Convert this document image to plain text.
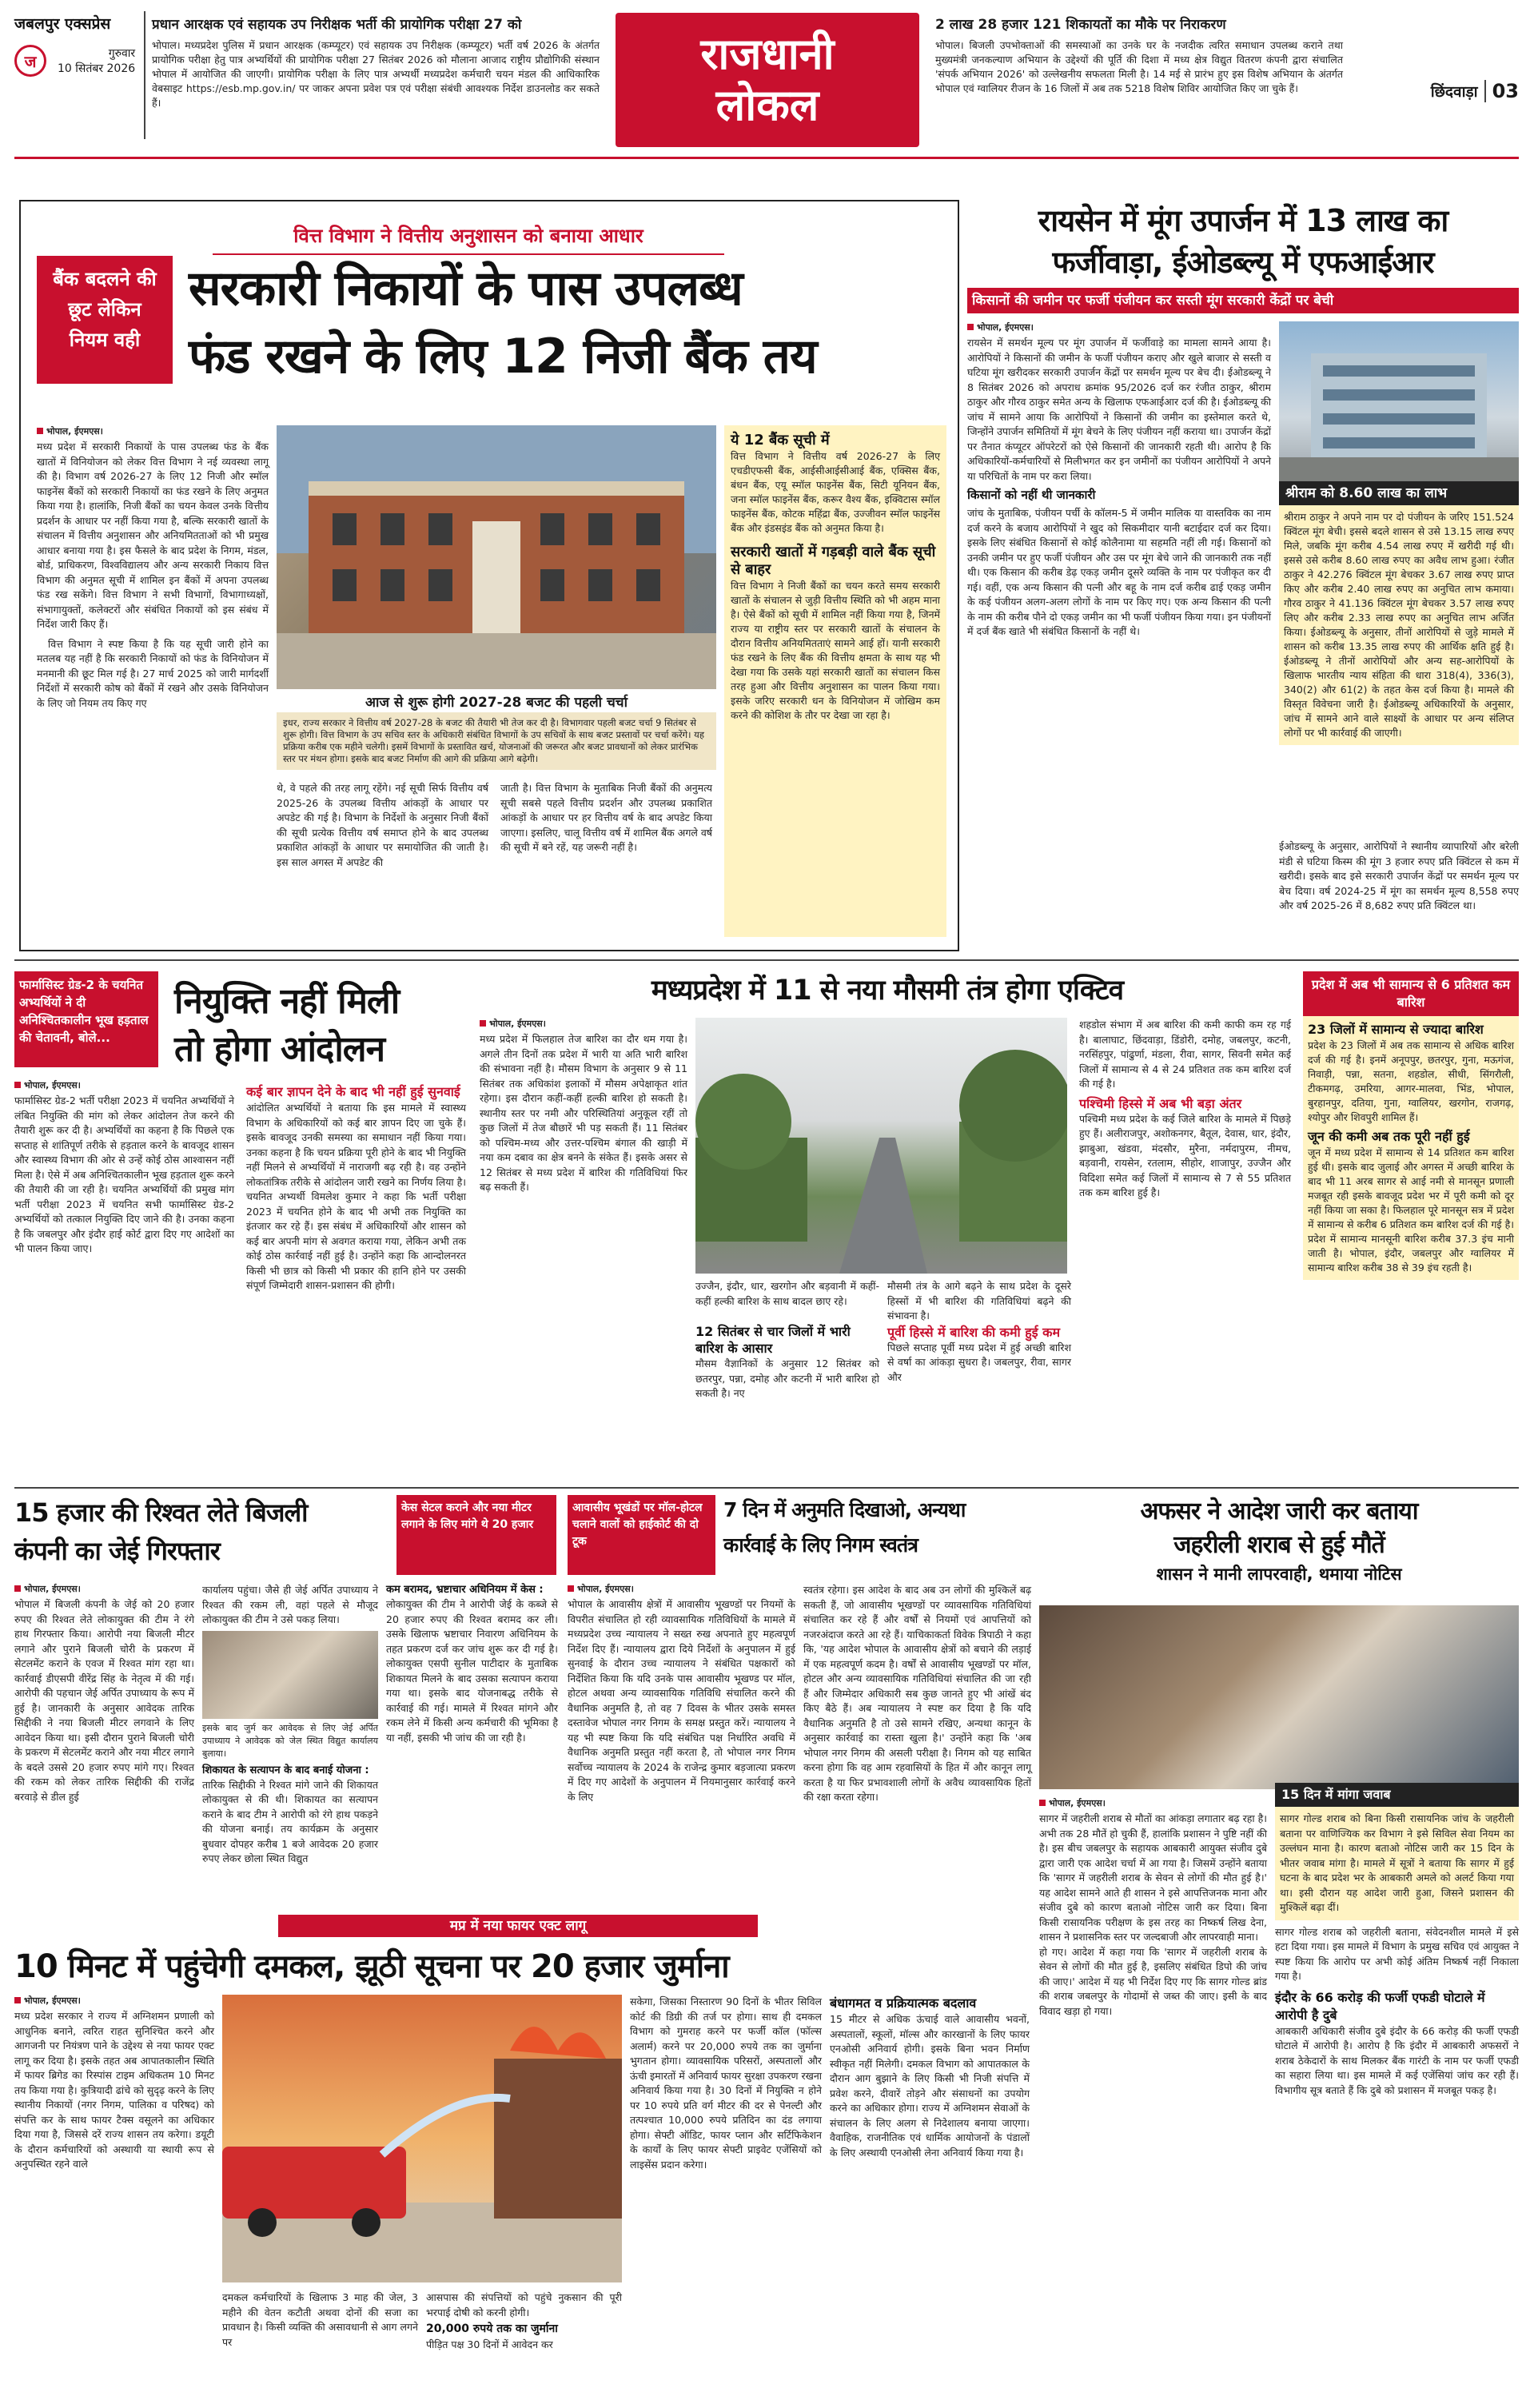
जबलपुर एक्सप्रेस
ज	गुरुवार
10 सितंबर 2026
प्रधान आरक्षक एवं सहायक उप निरीक्षक भर्ती की प्रायोगिक परीक्षा 27 को
भोपाल। मध्यप्रदेश पुलिस में प्रधान आरक्षक (कम्प्यूटर) एवं सहायक उप निरीक्षक (कम्प्यूटर) भर्ती वर्ष 2026 के अंतर्गत प्रायोगिक परीक्षा हेतु पात्र अभ्यर्थियों की प्रायोगिक परीक्षा 27 सितंबर 2026 को मौलाना आजाद राष्ट्रीय प्रौद्योगिकी संस्थान भोपाल में आयोजित की जाएगी। प्रायोगिक परीक्षा के लिए पात्र अभ्यर्थी मध्यप्रदेश कर्मचारी चयन मंडल की आधिकारिक वेबसाइट https://esb.mp.gov.in/ पर जाकर अपना प्रवेश पत्र एवं परीक्षा संबंधी आवश्यक निर्देश डाउनलोड कर सकते हैं।
राजधानी
लोकल
2 लाख 28 हजार 121 शिकायतों का मौके पर निराकरण
भोपाल। बिजली उपभोक्ताओं की समस्याओं का उनके घर के नजदीक त्वरित समाधान उपलब्ध कराने तथा मुख्यमंत्री जनकल्याण अभियान के उद्देश्यों की पूर्ति की दिशा में मध्य क्षेत्र विद्युत वितरण कंपनी द्वारा संचालित 'संपर्क अभियान 2026' को उल्लेखनीय सफलता मिली है। 14 मई से प्रारंभ हुए इस विशेष अभियान के अंतर्गत भोपाल एवं ग्वालियर रीजन के 16 जिलों में अब तक 5218 विशेष शिविर आयोजित किए जा चुके हैं।	छिंदवाड़ा 03
वित्त विभाग ने वित्तीय अनुशासन को बनाया आधार
सरकारी निकायों के पास उपलब्ध
फंड रखने के लिए 12 निजी बैंक तय
बैंक बदलने की छूट लेकिन नियम वही
भोपाल, ईएमएस।
मध्य प्रदेश में सरकारी निकायों के पास उपलब्ध फंड के बैंक खातों में विनियोजन को लेकर वित्त विभाग ने नई व्यवस्था लागू की है। विभाग वर्ष 2026-27 के लिए 12 निजी और स्मॉल फाइनेंस बैंकों को सरकारी निकायों का फंड रखने के लिए अनुमत किया गया है। हालांकि, निजी बैंकों का चयन केवल उनके वित्तीय प्रदर्शन के आधार पर नहीं किया गया है, बल्कि सरकारी खातों के संचालन में वित्तीय अनुशासन और अनियमितताओं को भी प्रमुख आधार बनाया गया है। इस फैसले के बाद प्रदेश के निगम, मंडल, बोर्ड, प्राधिकरण, विश्वविद्यालय और अन्य सरकारी निकाय वित्त विभाग की अनुमत सूची में शामिल इन बैंकों में अपना उपलब्ध फंड रख सकेंगे। वित्त विभाग ने सभी विभागों, विभागाध्यक्षों, संभागायुक्तों, कलेक्टरों और संबंधित निकायों को इस संबंध में निर्देश जारी किए हैं।
वित्त विभाग ने स्पष्ट किया है कि यह सूची जारी होने का मतलब यह नहीं है कि सरकारी निकायों को फंड के विनियोजन में मनमानी की छूट मिल गई है। 27 मार्च 2025 को जारी मार्गदर्शी निर्देशों में सरकारी कोष को बैंकों में रखने और उसके विनियोजन के लिए जो नियम तय किए गए	आज से शुरू होगी 2027-28 बजट की पहली चर्चा
इधर, राज्य सरकार ने वित्तीय वर्ष 2027-28 के बजट की तैयारी भी तेज कर दी है। विभागवार पहली बजट चर्चा 9 सितंबर से शुरू होगी। वित्त विभाग के उप सचिव स्तर के अधिकारी संबंधित विभागों के उप सचिवों के साथ बजट प्रस्तावों पर चर्चा करेंगे। यह प्रक्रिया करीब एक महीने चलेगी। इसमें विभागों के प्रस्तावित खर्च, योजनाओं की जरूरत और बजट प्रावधानों को लेकर प्रारंभिक स्तर पर मंथन होगा। इसके बाद बजट निर्माण की आगे की प्रक्रिया आगे बढ़ेगी।
थे, वे पहले की तरह लागू रहेंगे। नई सूची सिर्फ वित्तीय वर्ष 2025-26 के उपलब्ध वित्तीय आंकड़ों के आधार पर अपडेट की गई है। विभाग के निर्देशों के अनुसार निजी बैंकों की सूची प्रत्येक वित्तीय वर्ष समाप्त होने के बाद उपलब्ध प्रकाशित आंकड़ों के आधार पर समायोजित की जाती है। इस साल अगस्त में अपडेट की
जाती है। वित्त विभाग के मुताबिक निजी बैंकों की अनुमत्य सूची सबसे पहले वित्तीय प्रदर्शन और उपलब्ध प्रकाशित आंकड़ों के आधार पर हर वित्तीय वर्ष के बाद अपडेट किया जाएगा। इसलिए, चालू वित्तीय वर्ष में शामिल बैंक अगले वर्ष की सूची में बने रहें, यह जरूरी नहीं है।
ये 12 बैंक सूची में
वित्त विभाग ने वित्तीय वर्ष 2026-27 के लिए एचडीएफसी बैंक, आईसीआईसीआई बैंक, एक्सिस बैंक, बंधन बैंक, एयू स्मॉल फाइनेंस बैंक, सिटी यूनियन बैंक, जना स्मॉल फाइनेंस बैंक, करूर वैश्य बैंक, इक्विटास स्मॉल फाइनेंस बैंक, कोटक महिंद्रा बैंक, उज्जीवन स्मॉल फाइनेंस बैंक और इंडसइंड बैंक को अनुमत किया है।
सरकारी खातों में गड़बड़ी वाले बैंक सूची से बाहर
वित्त विभाग ने निजी बैंकों का चयन करते समय सरकारी खातों के संचालन से जुड़ी वित्तीय स्थिति को भी अहम माना है। ऐसे बैंकों को सूची में शामिल नहीं किया गया है, जिनमें राज्य या राष्ट्रीय स्तर पर सरकारी खातों के संचालन के दौरान वित्तीय अनियमितताएं सामने आई हों। यानी सरकारी फंड रखने के लिए बैंक की वित्तीय क्षमता के साथ यह भी देखा गया कि उसके यहां सरकारी खातों का संचालन किस तरह हुआ और वित्तीय अनुशासन का पालन किया गया। इसके जरिए सरकारी धन के विनियोजन में जोखिम कम करने की कोशिश के तौर पर देखा जा रहा है।
रायसेन में मूंग उपार्जन में 13 लाख का
फर्जीवाड़ा, ईओडब्ल्यू में एफआईआर
किसानों की जमीन पर फर्जी पंजीयन कर सस्ती मूंग सरकारी केंद्रों पर बेची
भोपाल, ईएमएस।
रायसेन में समर्थन मूल्य पर मूंग उपार्जन में फर्जीवाड़े का मामला सामने आया है। आरोपियों ने किसानों की जमीन के फर्जी पंजीयन कराए और खुले बाजार से सस्ती व घटिया मूंग खरीदकर सरकारी उपार्जन केंद्रों पर समर्थन मूल्य पर बेच दी। ईओडब्ल्यू ने 8 सितंबर 2026 को अपराध क्रमांक 95/2026 दर्ज कर रंजीत ठाकुर, श्रीराम ठाकुर और गौरव ठाकुर समेत अन्य के खिलाफ एफआईआर दर्ज की है। ईओडब्ल्यू की जांच में सामने आया कि आरोपियों ने किसानों की जमीन का इस्तेमाल करते थे, जिन्होंने उपार्जन समितियों में मूंग बेचने के लिए पंजीयन नहीं कराया था। उपार्जन केंद्रों पर तैनात कंप्यूटर ऑपरेटरों को ऐसे किसानों की जानकारी रहती थी। आरोप है कि अधिकारियों-कर्मचारियों से मिलीभगत कर इन जमीनों का पंजीयन आरोपियों ने अपने या परिचितों के नाम पर करा लिया।
किसानों को नहीं थी जानकारी
जांच के मुताबिक, पंजीयन पर्ची के कॉलम-5 में जमीन मालिक या वास्तविक का नाम दर्ज करने के बजाय आरोपियों ने खुद को सिकमीदार यानी बटाईदार दर्ज कर दिया। इसके लिए संबंधित किसानों से कोई कोलैनामा या सहमति नहीं ली गई। किसानों को उनकी जमीन पर हुए फर्जी पंजीयन और उस पर मूंग बेचे जाने की जानकारी तक नहीं थी। एक किसान की करीब डेढ़ एकड़ जमीन दूसरे व्यक्ति के नाम पर पंजीकृत कर दी गई। वहीं, एक अन्य किसान की पत्नी और बहू के नाम दर्ज करीब ढाई एकड़ जमीन के कई पंजीयन अलग-अलग लोगों के नाम पर किए गए। एक अन्य किसान की पत्नी के नाम की करीब पौने दो एकड़ जमीन का भी फर्जी पंजीयन किया गया। इन पंजीयनों में दर्ज बैंक खाते भी संबंधित किसानों के नहीं थे।
श्रीराम को 8.60 लाख का लाभ
श्रीराम ठाकुर ने अपने नाम पर दो पंजीयन के जरिए 151.524 क्विंटल मूंग बेची। इससे बदले शासन से उसे 13.15 लाख रुपए मिले, जबकि मूंग करीब 4.54 लाख रुपए में खरीदी गई थी। इससे उसे करीब 8.60 लाख रुपए का अवैध लाभ हुआ। रंजीत ठाकुर ने 42.276 क्विंटल मूंग बेचकर 3.67 लाख रुपए प्राप्त किए और करीब 2.40 लाख रुपए का अनुचित लाभ कमाया। गौरव ठाकुर ने 41.136 क्विंटल मूंग बेचकर 3.57 लाख रुपए लिए और करीब 2.33 लाख रुपए का अनुचित लाभ अर्जित किया। ईओडब्ल्यू के अनुसार, तीनों आरोपियों से जुड़े मामले में शासन को करीब 13.35 लाख रुपए की आर्थिक क्षति हुई है। ईओडब्ल्यू ने तीनों आरोपियों और अन्य सह-आरोपियों के खिलाफ भारतीय न्याय संहिता की धारा 318(4), 336(3), 340(2) और 61(2) के तहत केस दर्ज किया है। मामले की विस्तृत विवेचना जारी है। ईओडब्ल्यू अधिकारियों के अनुसार, जांच में सामने आने वाले साक्ष्यों के आधार पर अन्य संलिप्त लोगों पर भी कार्रवाई की जाएगी।
ईओडब्ल्यू के अनुसार, आरोपियों ने स्थानीय व्यापारियों और बरेली मंडी से घटिया किस्म की मूंग 3 हजार रुपए प्रति क्विंटल से कम में खरीदी। इसके बाद इसे सरकारी उपार्जन केंद्रों पर समर्थन मूल्य पर बेच दिया। वर्ष 2024-25 में मूंग का समर्थन मूल्य 8,558 रुपए और वर्ष 2025-26 में 8,682 रुपए प्रति क्विंटल था।
फार्मासिस्ट ग्रेड-2 के चयनित अभ्यर्थियों ने दी अनिश्चितकालीन भूख हड़ताल की चेतावनी, बोले...
नियुक्ति नहीं मिली
तो होगा आंदोलन
भोपाल, ईएमएस।
फार्मासिस्ट ग्रेड-2 भर्ती परीक्षा 2023 में चयनित अभ्यर्थियों ने लंबित नियुक्ति की मांग को लेकर आंदोलन तेज करने की तैयारी शुरू कर दी है। अभ्यर्थियों का कहना है कि पिछले एक सप्ताह से शांतिपूर्ण तरीके से हड़ताल करने के बावजूद शासन और स्वास्थ्य विभाग की ओर से उन्हें कोई ठोस आश्वासन नहीं मिला है। ऐसे में अब अनिश्चितकालीन भूख हड़ताल शुरू करने की तैयारी की जा रही है। चयनित अभ्यर्थियों की प्रमुख मांग भर्ती परीक्षा 2023 में चयनित सभी फार्मासिस्ट ग्रेड-2 अभ्यर्थियों को तत्काल नियुक्ति दिए जाने की है। उनका कहना है कि जबलपुर और इंदौर हाई कोर्ट द्वारा दिए गए आदेशों का भी पालन किया जाए।
कई बार ज्ञापन देने के बाद भी नहीं हुई सुनवाई
आंदोलित अभ्यर्थियों ने बताया कि इस मामले में स्वास्थ्य विभाग के अधिकारियों को कई बार ज्ञापन दिए जा चुके हैं। इसके बावजूद उनकी समस्या का समाधान नहीं किया गया। उनका कहना है कि चयन प्रक्रिया पूरी होने के बाद भी नियुक्ति नहीं मिलने से अभ्यर्थियों में नाराजगी बढ़ रही है। वह उन्होंने लोकतांत्रिक तरीके से आंदोलन जारी रखने का निर्णय लिया है। चयनित अभ्यर्थी विमलेश कुमार ने कहा कि भर्ती परीक्षा 2023 में चयनित होने के बाद भी अभी तक नियुक्ति का इंतजार कर रहे हैं। इस संबंध में अधिकारियों और शासन को कई बार अपनी मांग से अवगत कराया गया, लेकिन अभी तक कोई ठोस कार्रवाई नहीं हुई है। उन्होंने कहा कि आन्दोलनरत किसी भी छात्र को किसी भी प्रकार की हानि होने पर उसकी संपूर्ण जिम्मेदारी शासन-प्रशासन की होगी।
मध्यप्रदेश में 11 से नया मौसमी तंत्र होगा एक्टिव
भोपाल, ईएमएस।
मध्य प्रदेश में फिलहाल तेज बारिश का दौर थम गया है। अगले तीन दिनों तक प्रदेश में भारी या अति भारी बारिश की संभावना नहीं है। मौसम विभाग के अनुसार 9 से 11 सितंबर तक अधिकांश इलाकों में मौसम अपेक्षाकृत शांत रहेगा। इस दौरान कहीं-कहीं हल्की बारिश हो सकती है। स्थानीय स्तर पर नमी और परिस्थितियां अनुकूल रहीं तो कुछ जिलों में तेज बौछारें भी पड़ सकती हैं। 11 सितंबर को पश्चिम-मध्य और उत्तर-पश्चिम बंगाल की खाड़ी में नया कम दबाव का क्षेत्र बनने के संकेत हैं। इसके असर से 12 सितंबर से मध्य प्रदेश में बारिश की गतिविधियां फिर बढ़ सकती हैं।
उज्जैन, इंदौर, धार, खरगोन और बड़वानी में कहीं-कहीं हल्की बारिश के साथ बादल छाए रहे।
12 सितंबर से चार जिलों में भारी बारिश के आसार
मौसम वैज्ञानिकों के अनुसार 12 सितंबर को छतरपुर, पन्ना, दमोह और कटनी में भारी बारिश हो सकती है। नए
मौसमी तंत्र के आगे बढ़ने के साथ प्रदेश के दूसरे हिस्सों में भी बारिश की गतिविधियां बढ़ने की संभावना है।
पूर्वी हिस्से में बारिश की कमी हुई कम
पिछले सप्ताह पूर्वी मध्य प्रदेश में हुई अच्छी बारिश से वर्षा का आंकड़ा सुधरा है। जबलपुर, रीवा, सागर और
शहडोल संभाग में अब बारिश की कमी काफी कम रह गई है। बालाघाट, छिंदवाड़ा, डिंडोरी, दमोह, जबलपुर, कटनी, नरसिंहपुर, पांढुर्णा, मंडला, रीवा, सागर, सिवनी समेत कई जिलों में सामान्य से 4 से 24 प्रतिशत तक कम बारिश दर्ज की गई है।
पश्चिमी हिस्से में अब भी बड़ा अंतर
पश्चिमी मध्य प्रदेश के कई जिले बारिश के मामले में पिछड़े हुए हैं। अलीराजपुर, अशोकनगर, बैतूल, देवास, धार, इंदौर, झाबुआ, खंडवा, मंदसौर, मुरैना, नर्मदापुरम, नीमच, बड़वानी, रायसेन, रतलाम, सीहोर, शाजापुर, उज्जैन और विदिशा समेत कई जिलों में सामान्य से 7 से 55 प्रतिशत तक कम बारिश हुई है।
प्रदेश में अब भी सामान्य से 6 प्रतिशत कम बारिश
23 जिलों में सामान्य से ज्यादा बारिश
प्रदेश के 23 जिलों में अब तक सामान्य से अधिक बारिश दर्ज की गई है। इनमें अनूपपुर, छतरपुर, गुना, मऊगंज, निवाड़ी, पन्ना, सतना, शहडोल, सीधी, सिंगरौली, टीकमगढ़, उमरिया, आगर-मालवा, भिंड, भोपाल, बुरहानपुर, दतिया, गुना, ग्वालियर, खरगोन, राजगढ़, श्योपुर और शिवपुरी शामिल हैं।
जून की कमी अब तक पूरी नहीं हुई
जून में मध्य प्रदेश में सामान्य से 14 प्रतिशत कम बारिश हुई थी। इसके बाद जुलाई और अगस्त में अच्छी बारिश के बाद भी 11 अरब सागर से आई नमी से मानसून प्रणाली मजबूत रही इसके बावजूद प्रदेश भर में पूरी कमी को दूर नहीं किया जा सका है। फिलहाल पूरे मानसून सत्र में प्रदेश में सामान्य से करीब 6 प्रतिशत कम बारिश दर्ज की गई है। प्रदेश में सामान्य मानसूनी बारिश करीब 37.3 इंच मानी जाती है। भोपाल, इंदौर, जबलपुर और ग्वालियर में सामान्य बारिश करीब 38 से 39 इंच रहती है।
15 हजार की रिश्वत लेते बिजली
कंपनी का जेई गिरफ्तार
केस सेटल कराने और नया मीटर लगाने के लिए मांगे थे 20 हजार
भोपाल, ईएमएस।
भोपाल में बिजली कंपनी के जेई को 20 हजार रुपए की रिश्वत लेते लोकायुक्त की टीम ने रंगे हाथ गिरफ्तार किया। आरोपी नया बिजली मीटर लगाने और पुराने बिजली चोरी के प्रकरण में सेटलमेंट कराने के एवज में रिश्वत मांग रहा था। कार्रवाई डीएसपी वीरेंद्र सिंह के नेतृत्व में की गई। आरोपी की पहचान जेई अर्पित उपाध्याय के रूप में हुई है। जानकारी के अनुसार आवेदक तारिक सिद्दीकी ने नया बिजली मीटर लगवाने के लिए आवेदन किया था। इसी दौरान पुराने बिजली चोरी के प्रकरण में सेटलमेंट कराने और नया मीटर लगाने के बदले उससे 20 हजार रुपए मांगे गए। रिश्वत की रकम को लेकर तारिक सिद्दीकी की राजेंद्र बरवाड़े से डील हुई
कार्यालय पहुंचा। जैसे ही जेई अर्पित उपाध्याय ने रिश्वत की रकम ली, वहां पहले से मौजूद लोकायुक्त की टीम ने उसे पकड़ लिया।
इसके बाद जुर्म कर आवेदक से लिए जेई अर्पित उपाध्याय ने आवेदक को जेल स्थित विद्युत कार्यालय बुलाया।
शिकायत के सत्यापन के बाद बनाई योजना :
तारिक सिद्दीकी ने रिश्वत मांगे जाने की शिकायत लोकायुक्त से की थी। शिकायत का सत्यापन कराने के बाद टीम ने आरोपी को रंगे हाथ पकड़ने की योजना बनाई। तय कार्यक्रम के अनुसार बुधवार दोपहर करीब 1 बजे आवेदक 20 हजार रुपए लेकर छोला स्थित विद्युत
कम बरामद, भ्रष्टाचार अधिनियम में केस :
लोकायुक्त की टीम ने आरोपी जेई के कब्जे से 20 हजार रुपए की रिश्वत बरामद कर ली। उसके खिलाफ भ्रष्टाचार निवारण अधिनियम के तहत प्रकरण दर्ज कर जांच शुरू कर दी गई है। लोकायुक्त एसपी सुनील पाटीदार के मुताबिक शिकायत मिलने के बाद उसका सत्यापन कराया गया था। इसके बाद योजनाबद्ध तरीके से कार्रवाई की गई। मामले में रिश्वत मांगने और रकम लेने में किसी अन्य कर्मचारी की भूमिका है या नहीं, इसकी भी जांच की जा रही है।
आवासीय भूखंडों पर मॉल-होटल चलाने वालों को हाईकोर्ट की दो टूक
7 दिन में अनुमति दिखाओ, अन्यथा
कार्रवाई के लिए निगम स्वतंत्र
भोपाल, ईएमएस।
भोपाल के आवासीय क्षेत्रों में आवासीय भूखण्डों पर नियमों के विपरीत संचालित हो रही व्यावसायिक गतिविधियों के मामले में मध्यप्रदेश उच्च न्यायालय ने सख्त रुख अपनाते हुए महत्वपूर्ण निर्देश दिए हैं। न्यायालय द्वारा दिये निर्देशों के अनुपालन में हुई सुनवाई के दौरान उच्च न्यायालय ने संबंधित पक्षकारों को निर्देशित किया कि यदि उनके पास आवासीय भूखण्ड पर मॉल, होटल अथवा अन्य व्यावसायिक गतिविधि संचालित करने की वैधानिक अनुमति है, तो वह 7 दिवस के भीतर उसके समस्त दस्तावेज भोपाल नगर निगम के समक्ष प्रस्तुत करें। न्यायालय ने यह भी स्पष्ट किया कि यदि संबंधित पक्ष निर्धारित अवधि में वैधानिक अनुमति प्रस्तुत नहीं करता है, तो भोपाल नगर निगम सर्वोच्च न्यायालय के 2024 के राजेन्द्र कुमार बड़जात्या प्रकरण में दिए गए आदेशों के अनुपालन में नियमानुसार कार्रवाई करने के लिए
स्वतंत्र रहेगा। इस आदेश के बाद अब उन लोगों की मुश्किलें बढ़ सकती हैं, जो आवासीय भूखण्डों पर व्यावसायिक गतिविधियां संचालित कर रहे हैं और वर्षों से नियमों एवं आपत्तियों को नजरअंदाज करते आ रहे हैं। याचिकाकर्ता विवेक त्रिपाठी ने कहा कि, 'यह आदेश भोपाल के आवासीय क्षेत्रों को बचाने की लड़ाई में एक महत्वपूर्ण कदम है। वर्षों से आवासीय भूखण्डों पर मॉल, होटल और अन्य व्यावसायिक गतिविधियां संचालित की जा रही हैं और जिम्मेदार अधिकारी सब कुछ जानते हुए भी आंखें बंद किए बैठे हैं। अब न्यायालय ने स्पष्ट कर दिया है कि यदि वैधानिक अनुमति है तो उसे सामने रखिए, अन्यथा कानून के अनुसार कार्रवाई का रास्ता खुला है।' उन्होंने कहा कि 'अब भोपाल नगर निगम की असली परीक्षा है। निगम को यह साबित करना होगा कि वह आम रहवासियों के हित में और कानून लागू करता है या फिर प्रभावशाली लोगों के अवैध व्यावसायिक हितों की रक्षा करता रहेगा।
अफसर ने आदेश जारी कर बताया
जहरीली शराब से हुई मौतें
शासन ने मानी लापरवाही, थमाया नोटिस
भोपाल, ईएमएस।
सागर में जहरीली शराब से मौतों का आंकड़ा लगातार बढ़ रहा है। अभी तक 28 मौतें हो चुकी हैं, हालांकि प्रशासन ने पुष्टि नहीं की है। इस बीच जबलपुर के सहायक आबकारी आयुक्त संजीव दुबे द्वारा जारी एक आदेश चर्चा में आ गया है। जिसमें उन्होंने बताया कि 'सागर में जहरीली शराब के सेवन से लोगों की मौत हुई है।' यह आदेश सामने आते ही शासन ने इसे आपत्तिजनक माना और संजीव दुबे को कारण बताओ नोटिस जारी कर दिया। बिना किसी रासायनिक परीक्षण के इस तरह का निष्कर्ष लिख देना, शासन ने प्रशासनिक स्तर पर जल्दबाजी और लापरवाही माना।
हो गए। आदेश में कहा गया कि 'सागर में जहरीली शराब के सेवन से लोगों की मौत हुई है, इसलिए संबंधित डिपो की जांच की जाए।' आदेश में यह भी निर्देश दिए गए कि सागर गोल्ड ब्रांड की शराब जबलपुर के गोदामों से जब्त की जाए। इसी के बाद विवाद खड़ा हो गया।
15 दिन में मांगा जवाब
सागर गोल्ड शराब को बिना किसी रासायनिक जांच के जहरीली बताना पर वाणिज्यिक कर विभाग ने इसे सिविल सेवा नियम का उल्लंघन माना है। कारण बताओ नोटिस जारी कर 15 दिन के भीतर जवाब मांगा है। मामले में सूत्रों ने बताया कि सागर में हुई घटना के बाद प्रदेश भर के आबकारी अमले को अलर्ट किया गया था। इसी दौरान यह आदेश जारी हुआ, जिसने प्रशासन की मुश्किलें बढ़ा दीं।
सागर गोल्ड शराब को जहरीली बताना, संवेदनशील मामले में इसे हटा दिया गया। इस मामले में विभाग के प्रमुख सचिव एवं आयुक्त ने स्पष्ट किया कि आरोप पर अभी कोई अंतिम निष्कर्ष नहीं निकाला गया है।
इंदौर के 66 करोड़ की फर्जी एफडी घोटाले में आरोपी है दुबे
आबकारी अधिकारी संजीव दुबे इंदौर के 66 करोड़ की फर्जी एफडी घोटाले में आरोपी है। आरोप है कि इंदौर में आबकारी अफसरों ने शराब ठेकेदारों के साथ मिलकर बैंक गारंटी के नाम पर फर्जी एफडी का सहारा लिया था। इस मामले में कई एजेंसियां जांच कर रही हैं। विभागीय सूत्र बताते हैं कि दुबे को प्रशासन में मजबूत पकड़ है।
मप्र में नया फायर एक्ट लागू
10 मिनट में पहुंचेगी दमकल, झूठी सूचना पर 20 हजार जुर्माना
भोपाल, ईएमएस।
मध्य प्रदेश सरकार ने राज्य में अग्निशमन प्रणाली को आधुनिक बनाने, त्वरित राहत सुनिश्चित करने और आगजनी पर नियंत्रण पाने के उद्देश्य से नया फायर एक्ट लागू कर दिया है। इसके तहत अब आपातकालीन स्थिति में फायर ब्रिगेड का रिस्पांस टाइम अधिकतम 10 मिनट तय किया गया है। कुत्रियादी ढांचे को सुदृढ़ करने के लिए स्थानीय निकायों (नगर निगम, पालिका व परिषद) को संपत्ति कर के साथ फायर टैक्स वसूलने का अधिकार दिया गया है, जिससे दरें राज्य शासन तय करेगा। डयूटी के दौरान कर्मचारियों को अस्थायी या स्थायी रूप से अनुपस्थित रहने वाले
दमकल कर्मचारियों के खिलाफ 3 माह की जेल, 3 महीने की वेतन कटौती अथवा दोनों की सजा का प्रावधान है। किसी व्यक्ति की असावधानी से आग लगने पर
आसपास की संपत्तियों को पहुंचे नुकसान की पूरी भरपाई दोषी को करनी होगी।
20,000 रुपये तक का जुर्माना
पीड़ित पक्ष 30 दिनों में आवेदन कर
सकेगा, जिसका निस्तारण 90 दिनों के भीतर सिविल कोर्ट की डिग्री की तर्ज पर होगा। साथ ही दमकल विभाग को गुमराह करने पर फर्जी कॉल (फॉल्स अलार्म) करने पर 20,000 रुपये तक का जुर्माना भुगतान होगा। व्यावसायिक परिसरों, अस्पतालों और ऊंची इमारतों में अनिवार्य फायर सुरक्षा उपकरण रखना अनिवार्य किया गया है। 30 दिनों में नियुक्ति न होने पर 10 रुपये प्रति वर्ग मीटर की दर से पेनल्टी और तत्पश्चात 10,000 रुपये प्रतिदिन का दंड लगाया होगा। सेफ्टी ऑडिट, फायर प्लान और सर्टिफिकेशन के कार्यों के लिए फायर सेफ्टी प्राइवेट एजेंसियों को लाइसेंस प्रदान करेगा।
बंधागमत व प्रक्रियात्मक बदलाव
15 मीटर से अधिक ऊंचाई वाले आवासीय भवनों, अस्पतालों, स्कूलों, मॉल्स और कारखानों के लिए फायर एनओसी अनिवार्य होगी। इसके बिना भवन निर्माण स्वीकृत नहीं मिलेगी। दमकल विभाग को आपातकाल के दौरान आग बुझाने के लिए किसी भी निजी संपत्ति में प्रवेश करने, दीवारें तोड़ने और संसाधनों का उपयोग करने का अधिकार होगा। राज्य में अग्निशमन सेवाओं के संचालन के लिए अलग से निदेशालय बनाया जाएगा। वैवाहिक, राजनीतिक एवं धार्मिक आयोजनों के पंडालों के लिए अस्थायी एनओसी लेना अनिवार्य किया गया है।
